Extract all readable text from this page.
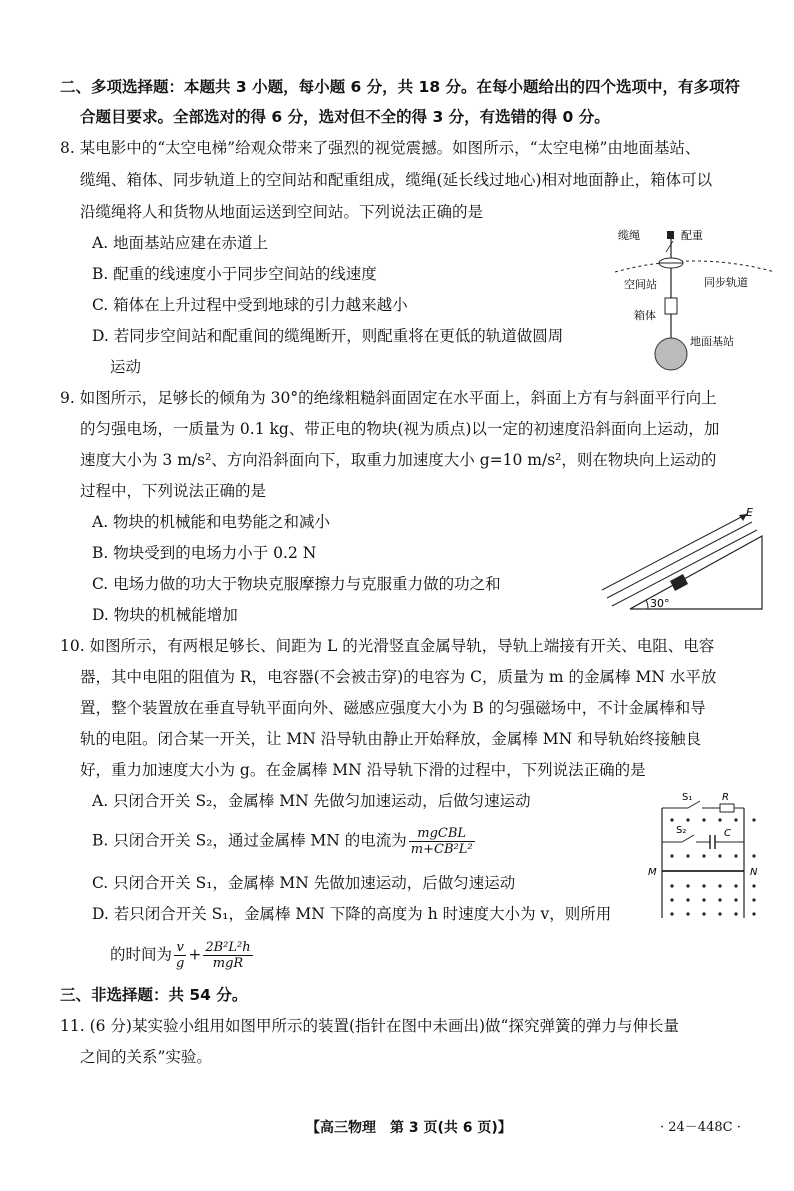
二、多项选择题：本题共 3 小题，每小题 6 分，共 18 分。在每小题给出的四个选项中，有多项符
合题目要求。全部选对的得 6 分，选对但不全的得 3 分，有选错的得 0 分。
8. 某电影中的“太空电梯”给观众带来了强烈的视觉震撼。如图所示，“太空电梯”由地面基站、
缆绳、箱体、同步轨道上的空间站和配重组成，缆绳(延长线过地心)相对地面静止，箱体可以
沿缆绳将人和货物从地面运送到空间站。下列说法正确的是
A. 地面基站应建在赤道上
B. 配重的线速度小于同步空间站的线速度
C. 箱体在上升过程中受到地球的引力越来越小
D. 若同步空间站和配重间的缆绳断开，则配重将在更低的轨道做圆周
运动
缆绳	配重
空间站	同步轨道
箱体
地面基站
9. 如图所示，足够长的倾角为 30°的绝缘粗糙斜面固定在水平面上，斜面上方有与斜面平行向上
的匀强电场，一质量为 0.1 kg、带正电的物块(视为质点)以一定的初速度沿斜面向上运动，加
速度大小为 3 m/s²、方向沿斜面向下，取重力加速度大小 g=10 m/s²，则在物块向上运动的
过程中，下列说法正确的是
A. 物块的机械能和电势能之和减小
B. 物块受到的电场力小于 0.2 N
C. 电场力做的功大于物块克服摩擦力与克服重力做的功之和
D. 物块的机械能增加
E
30°
10. 如图所示，有两根足够长、间距为 L 的光滑竖直金属导轨，导轨上端接有开关、电阻、电容
器，其中电阻的阻值为 R，电容器(不会被击穿)的电容为 C，质量为 m 的金属棒 MN 水平放
置，整个装置放在垂直导轨平面向外、磁感应强度大小为 B 的匀强磁场中，不计金属棒和导
轨的电阻。闭合某一开关，让 MN 沿导轨由静止开始释放，金属棒 MN 和导轨始终接触良
好，重力加速度大小为 g。在金属棒 MN 沿导轨下滑的过程中，下列说法正确的是
A. 只闭合开关 S₂，金属棒 MN 先做匀加速运动，后做匀速运动
B. 只闭合开关 S₂，通过金属棒 MN 的电流为 $\frac{\text{mgCBL}}{\text{m+CB²L²}}$
C. 只闭合开关 S₁，金属棒 MN 先做加速运动，后做匀速运动
D. 若只闭合开关 S₁，金属棒 MN 下降的高度为 h 时速度大小为 v，则所用
的时间为 $\frac{v}{g} + \frac{\text{2B²L²h}}{\text{mgR}}$
S₁	R
S₂	C
M	N
三、非选择题：共 54 分。
11. (6 分)某实验小组用如图甲所示的装置(指针在图中未画出)做“探究弹簧的弹力与伸长量
之间的关系”实验。
【高三物理　第 3 页(共 6 页)】	· 24－448C ·
